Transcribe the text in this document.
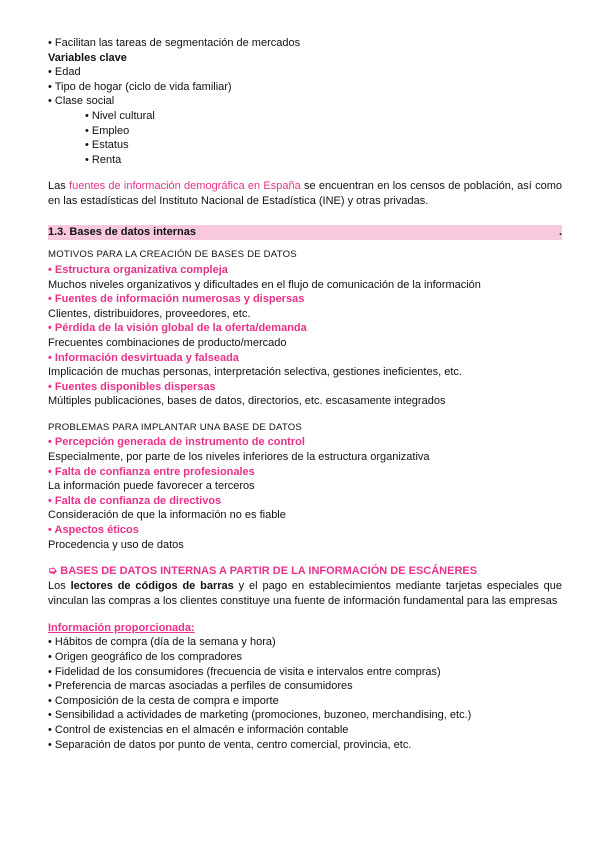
• Facilitan las tareas de segmentación de mercados
Variables clave
• Edad
• Tipo de hogar (ciclo de vida familiar)
• Clase social
• Nivel cultural
• Empleo
• Estatus
• Renta
Las fuentes de información demográfica en España se encuentran en los censos de población, así como en las estadísticas del Instituto Nacional de Estadística (INE) y otras privadas.
1.3. Bases de datos internas	.
MOTIVOS PARA LA CREACIÓN DE BASES DE DATOS
• Estructura organizativa compleja
Muchos niveles organizativos y dificultades en el flujo de comunicación de la información
• Fuentes de información numerosas y dispersas
Clientes, distribuidores, proveedores, etc.
• Pérdida de la visión global de la oferta/demanda
Frecuentes combinaciones de producto/mercado
• Información desvirtuada y falseada
Implicación de muchas personas, interpretación selectiva, gestiones ineficientes, etc.
• Fuentes disponibles dispersas
Múltiples publicaciones, bases de datos, directorios, etc. escasamente integrados
PROBLEMAS PARA IMPLANTAR UNA BASE DE DATOS
• Percepción generada de instrumento de control
Especialmente, por parte de los niveles inferiores de la estructura organizativa
• Falta de confianza entre profesionales
La información puede favorecer a terceros
• Falta de confianza de directivos
Consideración de que la información no es fiable
• Aspectos éticos
Procedencia y uso de datos
➭ BASES DE DATOS INTERNAS A PARTIR DE LA INFORMACIÓN DE ESCÁNERES
Los lectores de códigos de barras y el pago en establecimientos mediante tarjetas especiales que vinculan las compras a los clientes constituye una fuente de información fundamental para las empresas
Información proporcionada:
• Hábitos de compra (día de la semana y hora)
• Origen geográfico de los compradores
• Fidelidad de los consumidores (frecuencia de visita e intervalos entre compras)
• Preferencia de marcas asociadas a perfiles de consumidores
• Composición de la cesta de compra e importe
• Sensibilidad a actividades de marketing (promociones, buzoneo, merchandising, etc.)
• Control de existencias en el almacén e información contable
• Separación de datos por punto de venta, centro comercial, provincia, etc.
